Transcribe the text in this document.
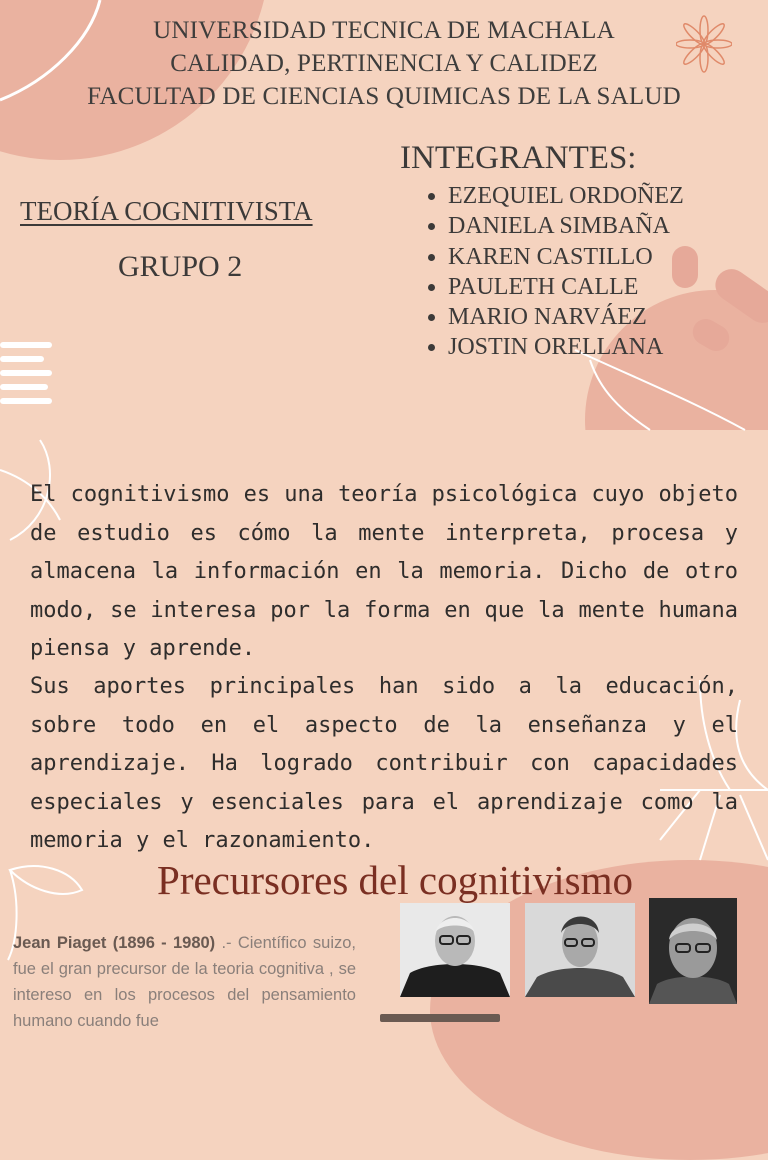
UNIVERSIDAD TECNICA DE MACHALA
CALIDAD, PERTINENCIA Y CALIDEZ
FACULTAD DE CIENCIAS QUIMICAS DE LA SALUD
TEORÍA COGNITIVISTA
GRUPO 2
INTEGRANTES:
EZEQUIEL ORDOÑEZ
DANIELA SIMBAÑA
KAREN CASTILLO
PAULETH CALLE
MARIO NARVÁEZ
JOSTIN ORELLANA
El cognitivismo es una teoría psicológica cuyo objeto de estudio es cómo la mente interpreta, procesa y almacena la información en la memoria. Dicho de otro modo, se interesa por la forma en que la mente humana piensa y aprende.
Sus aportes principales han sido a la educación, sobre todo en el aspecto de la enseñanza y el aprendizaje. Ha logrado contribuir con capacidades especiales y esenciales para el aprendizaje como la memoria y el razonamiento.
Precursores del cognitivismo
Jean Piaget (1896 - 1980) .- Científico suizo, fue el gran precursor de la teoria cognitiva , se intereso en los procesos del pensamiento humano cuando fue
